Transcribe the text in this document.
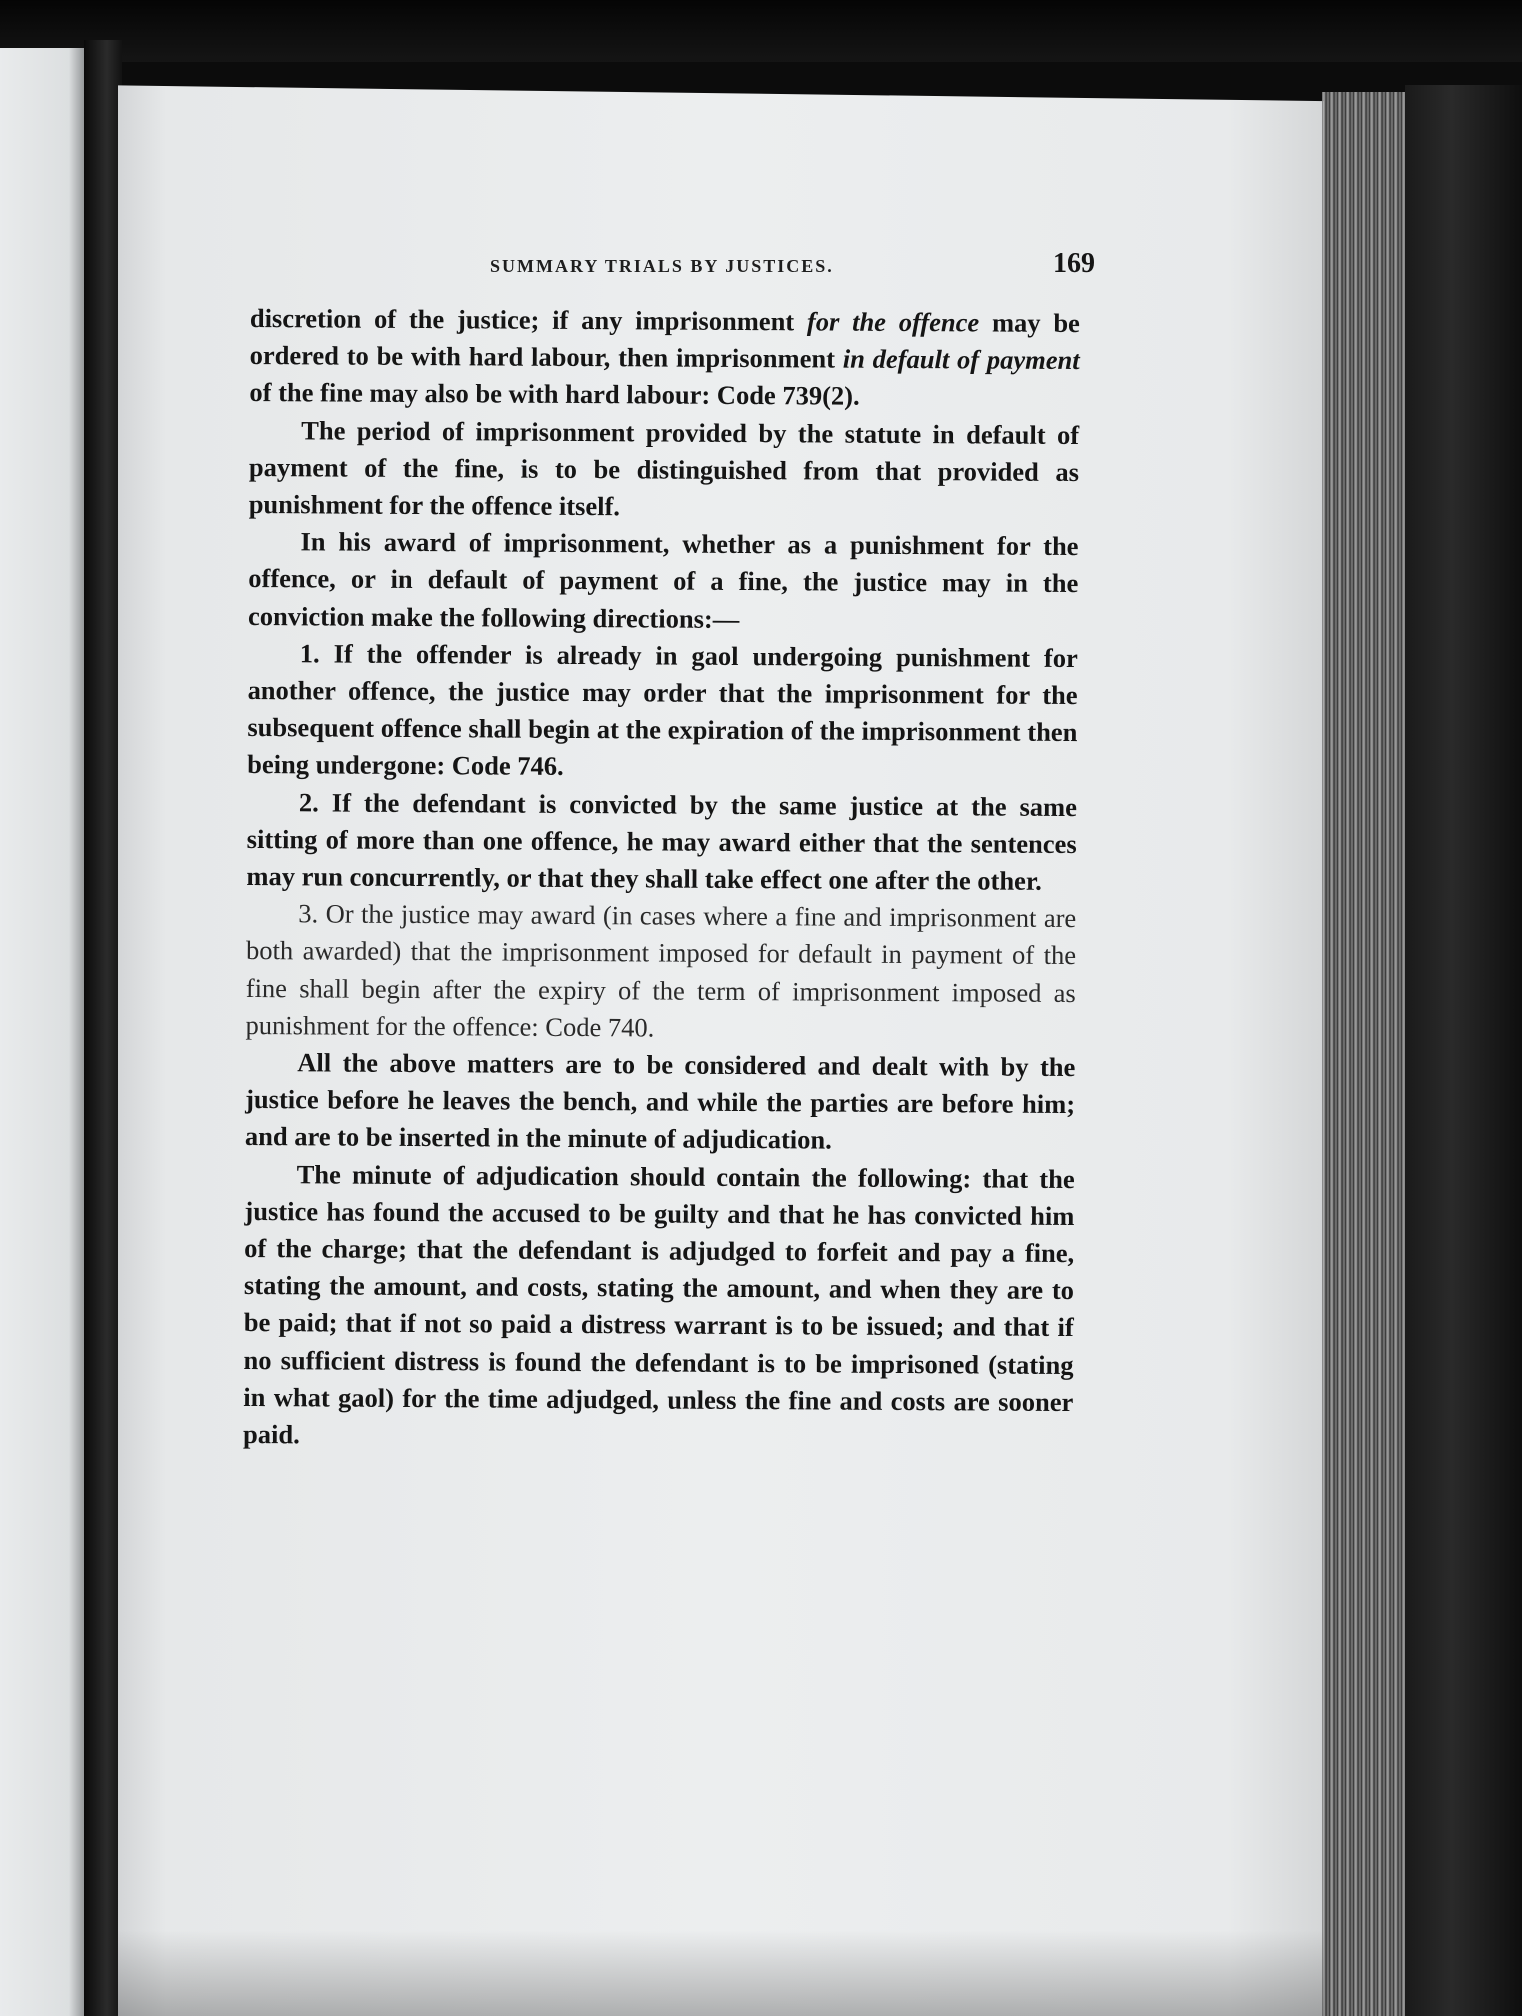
SUMMARY TRIALS BY JUSTICES.	169

discretion of the justice; if any imprisonment for the offence may be ordered to be with hard labour, then imprisonment in default of payment of the fine may also be with hard labour: Code 739(2).

The period of imprisonment provided by the statute in default of payment of the fine, is to be distinguished from that provided as punishment for the offence itself.

In his award of imprisonment, whether as a punishment for the offence, or in default of payment of a fine, the justice may in the conviction make the following directions:—

1. If the offender is already in gaol undergoing punishment for another offence, the justice may order that the imprisonment for the subsequent offence shall begin at the expiration of the imprisonment then being undergone: Code 746.

2. If the defendant is convicted by the same justice at the same sitting of more than one offence, he may award either that the sentences may run concurrently, or that they shall take effect one after the other.

3. Or the justice may award (in cases where a fine and imprisonment are both awarded) that the imprisonment imposed for default in payment of the fine shall begin after the expiry of the term of imprisonment imposed as punishment for the offence: Code 740.

All the above matters are to be considered and dealt with by the justice before he leaves the bench, and while the parties are before him; and are to be inserted in the minute of adjudication.

The minute of adjudication should contain the following: that the justice has found the accused to be guilty and that he has convicted him of the charge; that the defendant is adjudged to forfeit and pay a fine, stating the amount, and costs, stating the amount, and when they are to be paid; that if not so paid a distress warrant is to be issued; and that if no sufficient distress is found the defendant is to be imprisoned (stating in what gaol) for the time adjudged, unless the fine and costs are sooner paid.
